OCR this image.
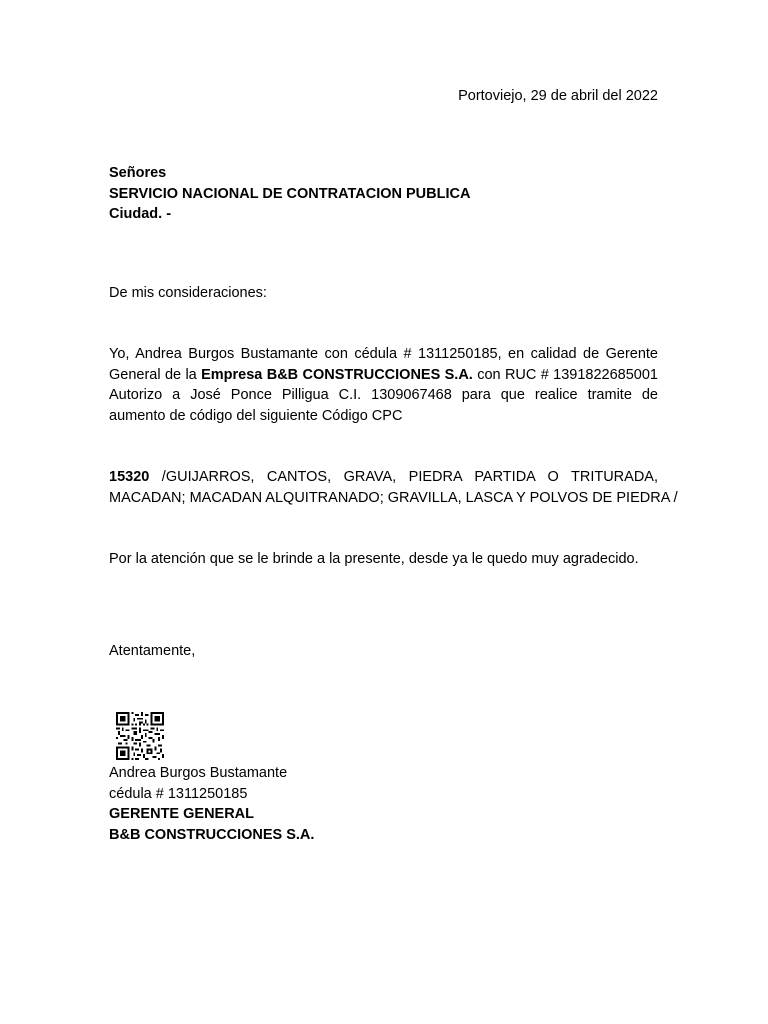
Portoviejo, 29 de abril del 2022
Señores
SERVICIO NACIONAL DE CONTRATACION PUBLICA
Ciudad. -
De mis consideraciones:
Yo, Andrea Burgos Bustamante con cédula # 1311250185, en calidad de Gerente
General de la Empresa B&B CONSTRUCCIONES S.A. con RUC # 1391822685001
Autorizo a José Ponce Pilligua C.I. 1309067468 para que realice tramite de
aumento de código del siguiente Código CPC
15320 /GUIJARROS, CANTOS, GRAVA, PIEDRA PARTIDA O TRITURADA,
MACADAN; MACADAN ALQUITRANADO; GRAVILLA, LASCA Y POLVOS DE PIEDRA /
Por la atención que se le brinde a la presente, desde ya le quedo muy agradecido.
Atentamente,
Andrea Burgos Bustamante
cédula # 1311250185
GERENTE GENERAL
B&B CONSTRUCCIONES S.A.
